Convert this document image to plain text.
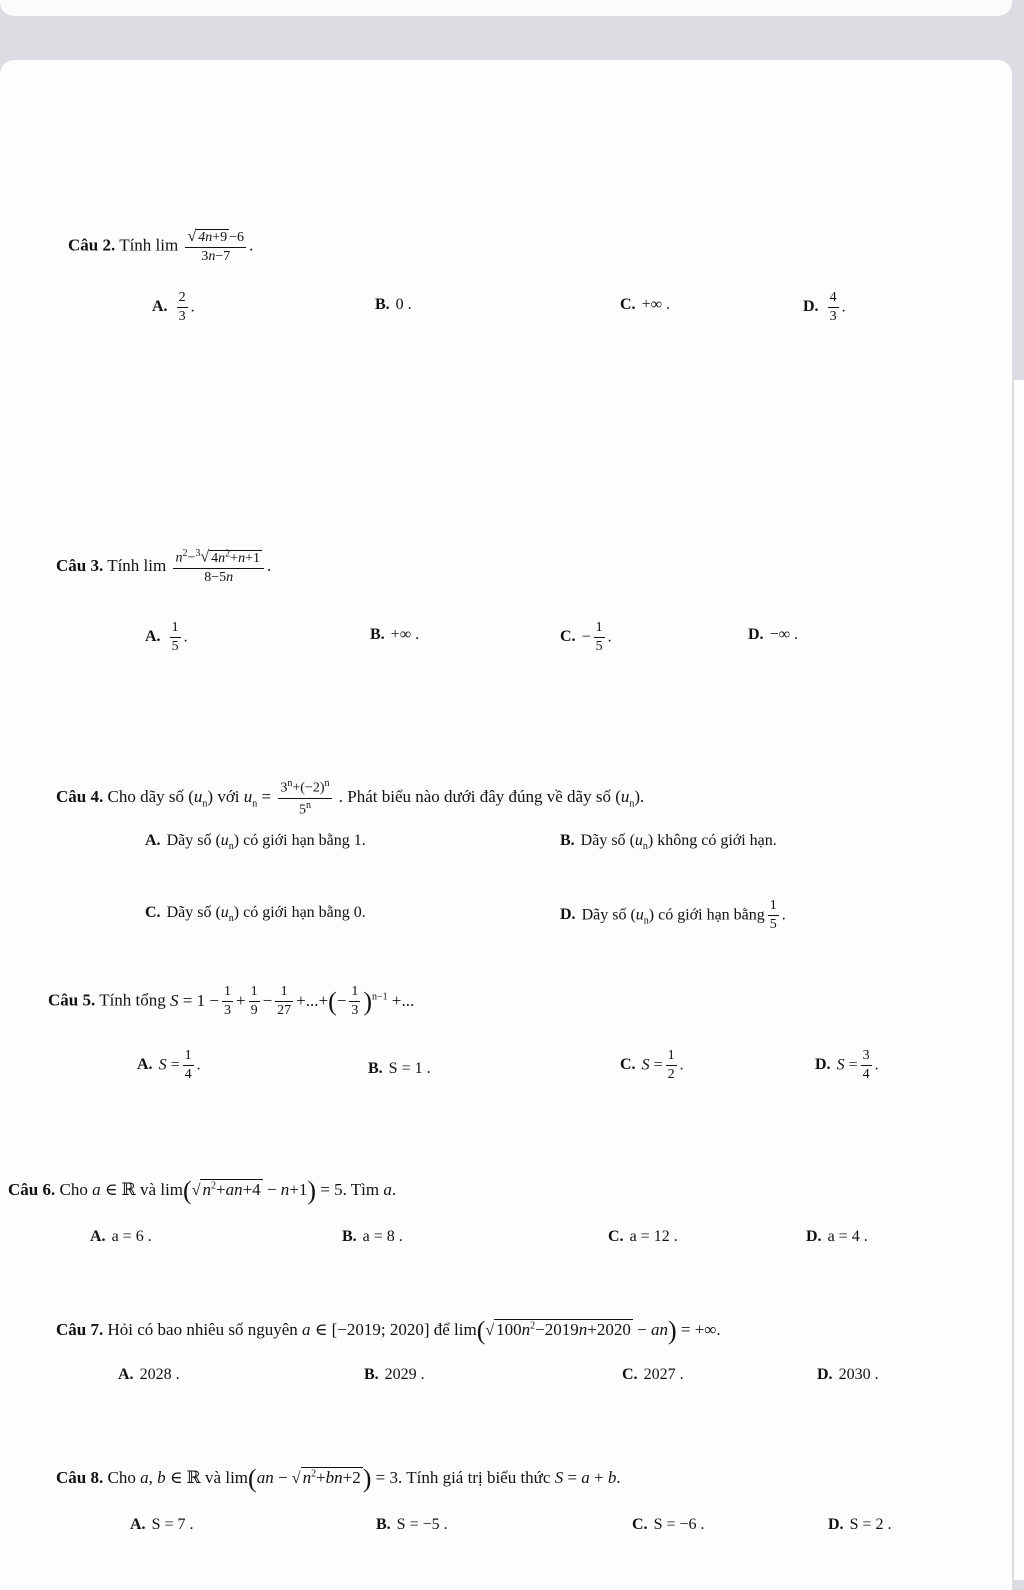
Câu 2. Tính $\lim \frac{√ 4n+9 -6}{3n-7}$ .
A. $\frac{2}{3}$ .	B. 0 .	C. +∞ .	D. $\frac{4}{3}$ .
Câu 3. Tính $\lim \frac{n^2-^3√ 4n^2+n+1}{8-5n}$ .
A. $\frac{1}{5}$ .	B. +∞ .	C. − $\frac{1}{5}$ .	D. −∞ .
Câu 4. Cho dãy số $(u_n)$ với $u_n = \frac{3^n+(-2)^n}{5^n}$ . Phát biểu nào dưới đây đúng về dãy số $(u_n)$.
A. Dãy số $(u_n)$ có giới hạn bằng 1.	B. Dãy số $(u_n)$ không có giới hạn.
C. Dãy số $(u_n)$ có giới hạn bằng 0.	D. Dãy số $(u_n)$ có giới hạn bằng $\frac{1}{5}$ .
Câu 5. Tính tổng $S = 1 - \frac{1}{3} + \frac{1}{9} - \frac{1}{27}$ +...+(− $\frac{1}{3} )^{n-1}$ +...
A. $S = \frac{1}{4}$ .	B. S = 1 .	C. $S = \frac{1}{2}$ .	D. $S = \frac{3}{4}$ .
Câu 6. Cho a ∈ ℝ và lim(√ $n^2+an+4 - n+1) = 5$. Tìm a.
A. a = 6 .	B. a = 8 .	C. a = 12 .	D. a = 4 .
Câu 7. Hỏi có bao nhiêu số nguyên a ∈ [−2019; 2020] để lim(√ $100n^2-2019n+2020 - an$) = +∞.
A. 2028 .	B. 2029 .	C. 2027 .	D. 2030 .
Câu 8. Cho a, b ∈ ℝ và lim(an − √ $n^2+bn+2) = 3$. Tính giá trị biểu thức S = a + b.
A. S = 7 .	B. S = −5 .	C. S = −6 .	D. S = 2 .
